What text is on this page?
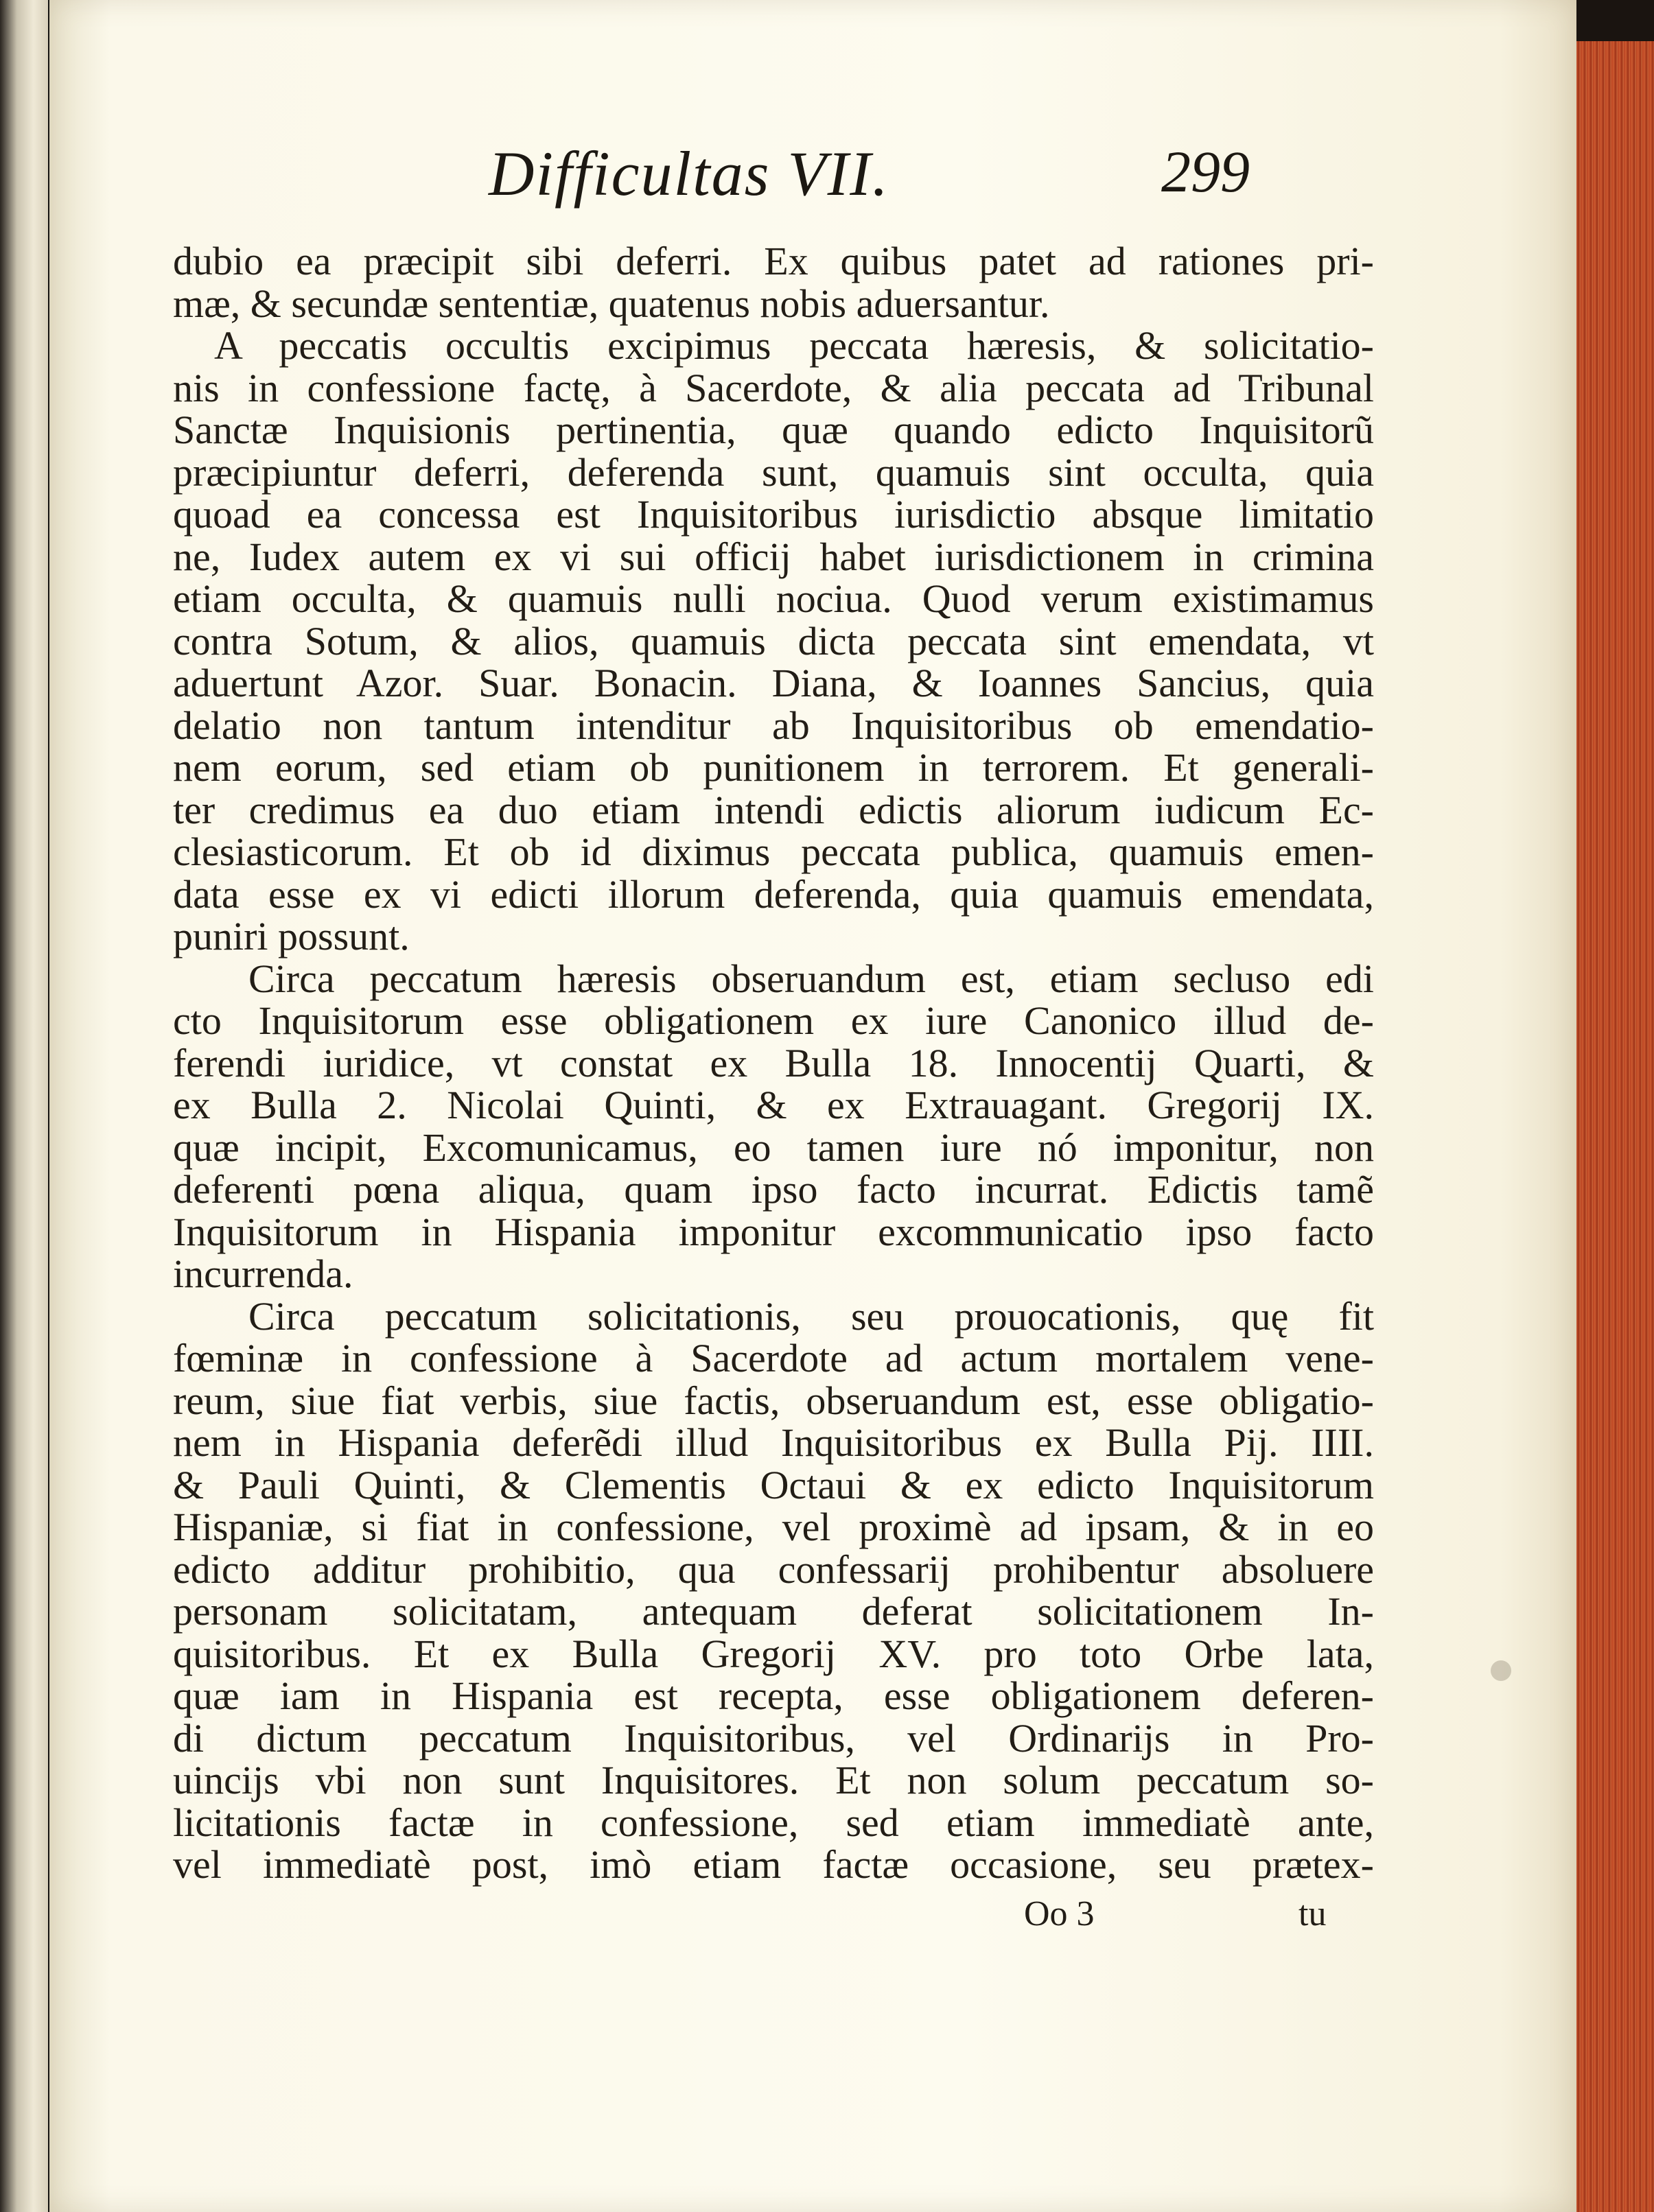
Difficultas VII.	299
dubio ea præcipit sibi deferri. Ex quibus patet ad rationes pri-
mæ, & secundæ sententiæ, quatenus nobis aduersantur.
A peccatis occultis excipimus peccata hæresis, & solicitatio-
nis in confessione factę, à Sacerdote, & alia peccata ad Tribunal
Sanctæ Inquisionis pertinentia, quæ quando edicto Inquisitorũ
præcipiuntur deferri, deferenda sunt, quamuis sint occulta, quia
quoad ea concessa est Inquisitoribus iurisdictio absque limitatio
ne, Iudex autem ex vi sui officij habet iurisdictionem in crimina
etiam occulta, & quamuis nulli nociua. Quod verum existimamus
contra Sotum, & alios, quamuis dicta peccata sint emendata, vt
aduertunt Azor. Suar. Bonacin. Diana, & Ioannes Sancius, quia
delatio non tantum intenditur ab Inquisitoribus ob emendatio-
nem eorum, sed etiam ob punitionem in terrorem. Et generali-
ter credimus ea duo etiam intendi edictis aliorum iudicum Ec-
clesiasticorum. Et ob id diximus peccata publica, quamuis emen-
data esse ex vi edicti illorum deferenda, quia quamuis emendata,
puniri possunt.
Circa peccatum hæresis obseruandum est, etiam secluso edi
cto Inquisitorum esse obligationem ex iure Canonico illud de-
ferendi iuridice, vt constat ex Bulla 18. Innocentij Quarti, &
ex Bulla 2. Nicolai Quinti, & ex Extrauagant. Gregorij IX.
quæ incipit, Excomunicamus, eo tamen iure nó imponitur, non
deferenti pœna aliqua, quam ipso facto incurrat. Edictis tamẽ
Inquisitorum in Hispania imponitur excommunicatio ipso facto
incurrenda.
Circa peccatum solicitationis, seu prouocationis, quę fit
fœminæ in confessione à Sacerdote ad actum mortalem vene-
reum, siue fiat verbis, siue factis, obseruandum est, esse obligatio-
nem in Hispania deferẽdi illud Inquisitoribus ex Bulla Pij. IIII.
& Pauli Quinti, & Clementis Octaui & ex edicto Inquisitorum
Hispaniæ, si fiat in confessione, vel proximè ad ipsam, & in eo
edicto additur prohibitio, qua confessarij prohibentur absoluere
personam solicitatam, antequam deferat solicitationem In-
quisitoribus. Et ex Bulla Gregorij XV. pro toto Orbe lata,
quæ iam in Hispania est recepta, esse obligationem deferen-
di dictum peccatum Inquisitoribus, vel Ordinarijs in Pro-
uincijs vbi non sunt Inquisitores. Et non solum peccatum so-
licitationis factæ in confessione, sed etiam immediatè ante,
vel immediatè post, imò etiam factæ occasione, seu prætex-
Oo 3	tu
